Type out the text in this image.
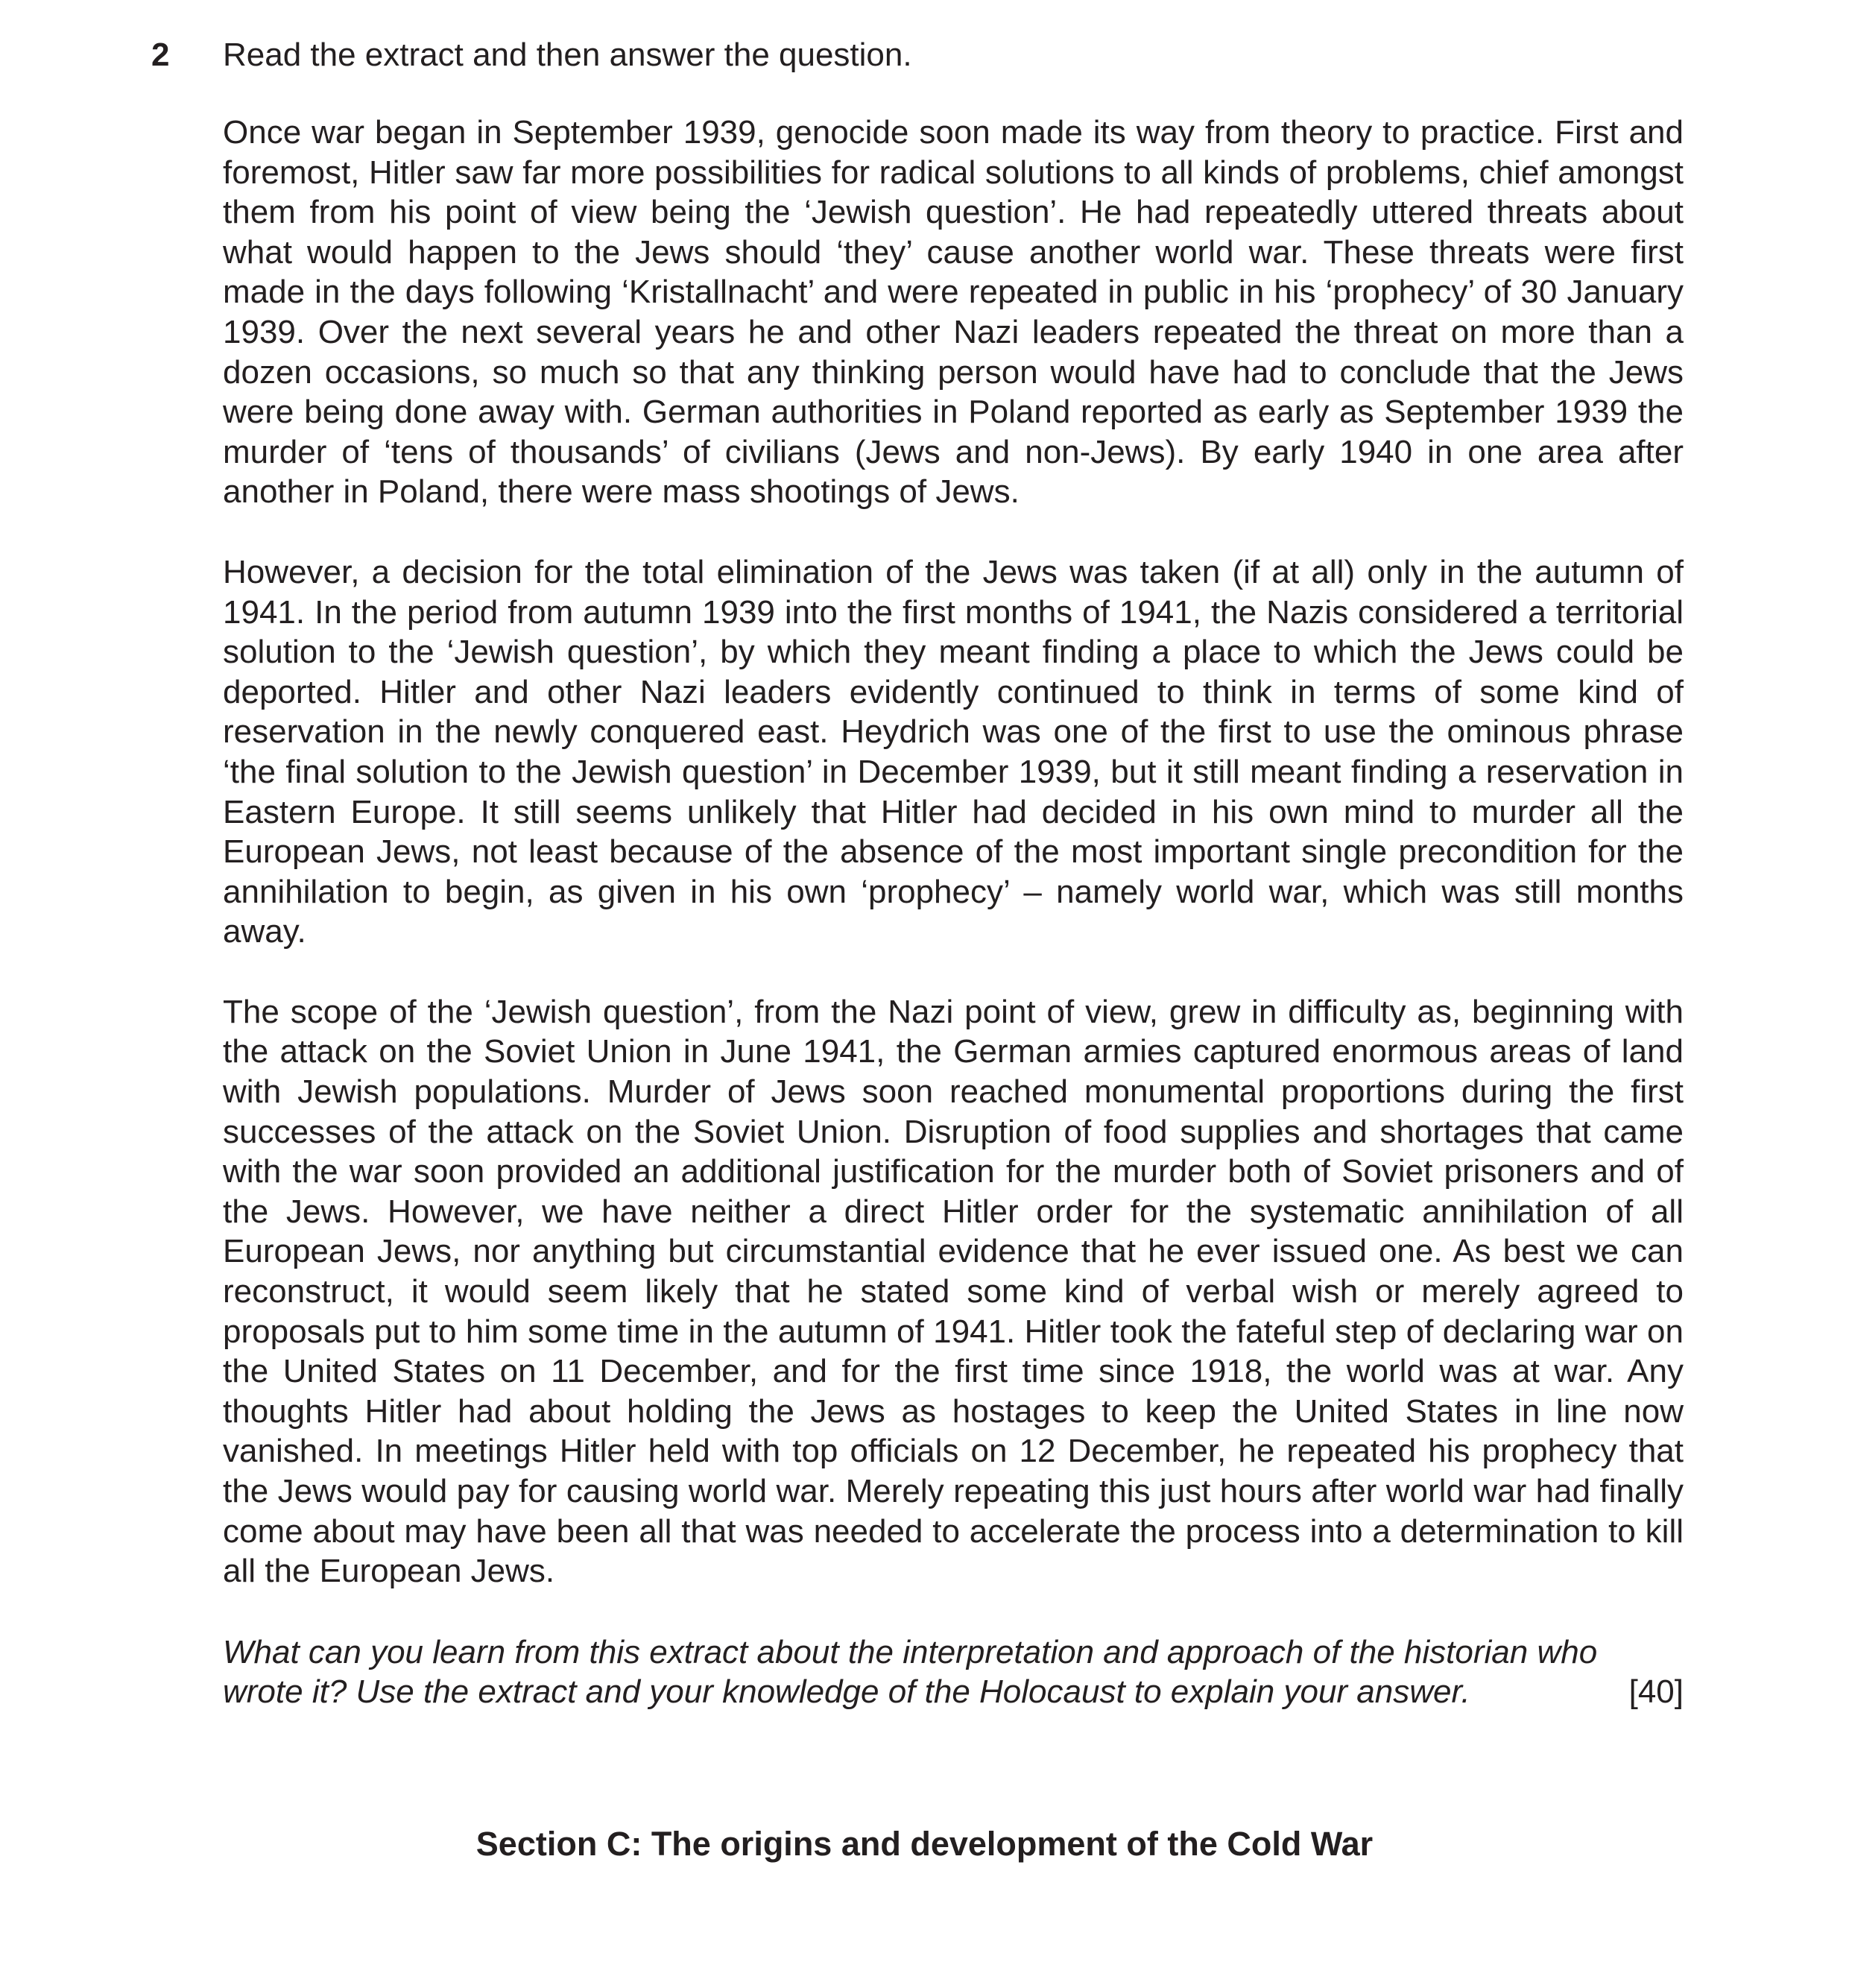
2 Read the extract and then answer the question.

Once war began in September 1939, genocide soon made its way from theory to practice. First and foremost, Hitler saw far more possibilities for radical solutions to all kinds of problems, chief amongst them from his point of view being the ‘Jewish question’. He had repeatedly uttered threats about what would happen to the Jews should ‘they’ cause another world war. These threats were first made in the days following ‘Kristallnacht’ and were repeated in public in his ‘prophecy’ of 30 January 1939. Over the next several years he and other Nazi leaders repeated the threat on more than a dozen occasions, so much so that any thinking person would have had to conclude that the Jews were being done away with. German authorities in Poland reported as early as September 1939 the murder of ‘tens of thousands’ of civilians (Jews and non-Jews). By early 1940 in one area after another in Poland, there were mass shootings of Jews.

However, a decision for the total elimination of the Jews was taken (if at all) only in the autumn of 1941. In the period from autumn 1939 into the first months of 1941, the Nazis considered a territorial solution to the ‘Jewish question’, by which they meant finding a place to which the Jews could be deported. Hitler and other Nazi leaders evidently continued to think in terms of some kind of reservation in the newly conquered east. Heydrich was one of the first to use the ominous phrase ‘the final solution to the Jewish question’ in December 1939, but it still meant finding a reservation in Eastern Europe. It still seems unlikely that Hitler had decided in his own mind to murder all the European Jews, not least because of the absence of the most important single precondition for the annihilation to begin, as given in his own ‘prophecy’ – namely world war, which was still months away.

The scope of the ‘Jewish question’, from the Nazi point of view, grew in difficulty as, beginning with the attack on the Soviet Union in June 1941, the German armies captured enormous areas of land with Jewish populations. Murder of Jews soon reached monumental proportions during the first successes of the attack on the Soviet Union. Disruption of food supplies and shortages that came with the war soon provided an additional justification for the murder both of Soviet prisoners and of the Jews. However, we have neither a direct Hitler order for the systematic annihilation of all European Jews, nor anything but circumstantial evidence that he ever issued one. As best we can reconstruct, it would seem likely that he stated some kind of verbal wish or merely agreed to proposals put to him some time in the autumn of 1941. Hitler took the fateful step of declaring war on the United States on 11 December, and for the first time since 1918, the world was at war. Any thoughts Hitler had about holding the Jews as hostages to keep the United States in line now vanished. In meetings Hitler held with top officials on 12 December, he repeated his prophecy that the Jews would pay for causing world war. Merely repeating this just hours after world war had finally come about may have been all that was needed to accelerate the process into a determination to kill all the European Jews.

What can you learn from this extract about the interpretation and approach of the historian who wrote it? Use the extract and your knowledge of the Holocaust to explain your answer.	[40]
Section C: The origins and development of the Cold War
